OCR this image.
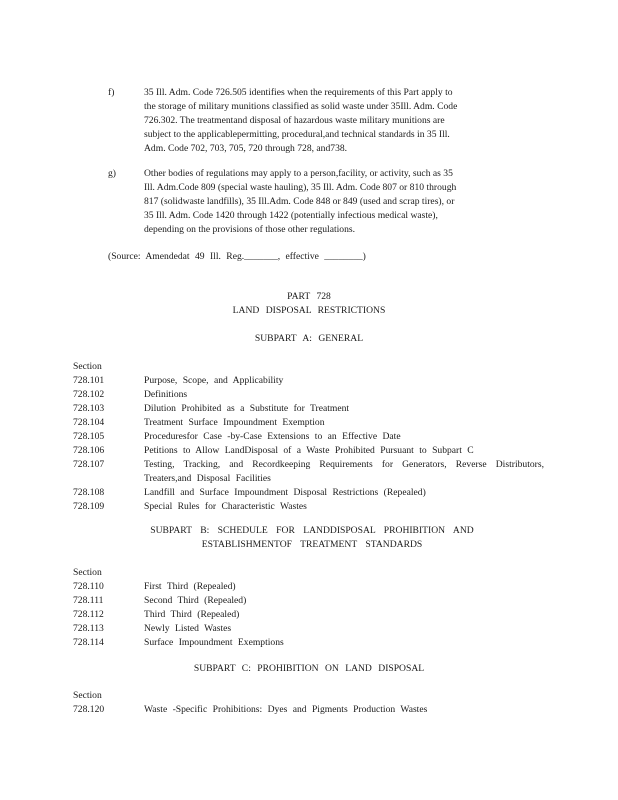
f)	35 Ill. Adm. Code 726.505 identifies when the requirements of this Part apply to
the storage of military munitions classified as solid waste under 35Ill. Adm. Code
726.302. The treatmentand disposal of hazardous waste military munitions are
subject to the applicablepermitting, procedural,and technical standards in 35 Ill.
Adm. Code 702, 703, 705, 720 through 728, and738.
g)	Other bodies of regulations may apply to a person,facility, or activity, such as 35
Ill. Adm.Code 809 (special waste hauling), 35 Ill. Adm. Code 807 or 810 through
817 (solidwaste landfills), 35 Ill.Adm. Code 848 or 849 (used and scrap tires), or
35 Ill. Adm. Code 1420 through 1422 (potentially infectious medical waste),
depending on the provisions of those other regulations.
(Source: Amendedat 49 Ill. Reg._______, effective ________)
PART 728
LAND DISPOSAL RESTRICTIONS
SUBPART A: GENERAL
Section
728.101	Purpose, Scope, and Applicability
728.102	Definitions
728.103	Dilution Prohibited as a Substitute for Treatment
728.104	Treatment Surface Impoundment Exemption
728.105	Proceduresfor Case -by-Case Extensions to an Effective Date
728.106	Petitions to Allow LandDisposal of a Waste Prohibited Pursuant to Subpart C
728.107	Testing, Tracking, and Recordkeeping Requirements for Generators, Reverse Distributors, Treaters,and Disposal Facilities
728.108	Landfill and Surface Impoundment Disposal Restrictions (Repealed)
728.109	Special Rules for Characteristic Wastes
SUBPART B: SCHEDULE FOR LANDDISPOSAL PROHIBITION AND ESTABLISHMENTOF TREATMENT STANDARDS
Section
728.110	First Third (Repealed)
728.111	Second Third (Repealed)
728.112	Third Third (Repealed)
728.113	Newly Listed Wastes
728.114	Surface Impoundment Exemptions
SUBPART C: PROHIBITION ON LAND DISPOSAL
Section
728.120	Waste -Specific Prohibitions: Dyes and Pigments Production Wastes
